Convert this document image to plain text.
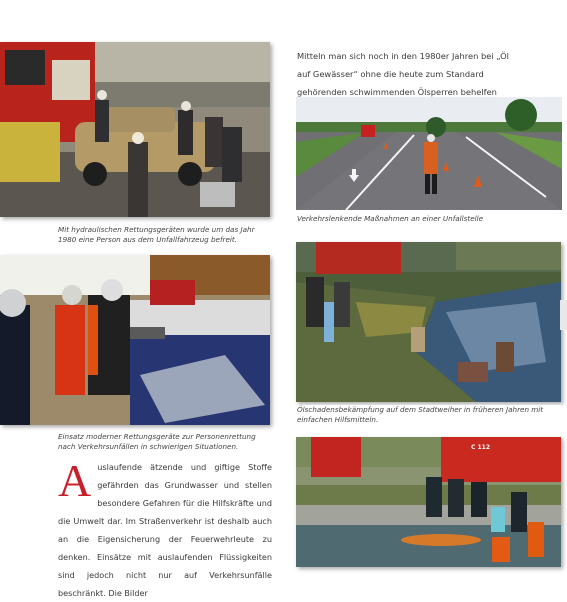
Mit hydraulischen Rettungsgeräten wurde um das Jahr 1980 eine Person aus dem Unfallfahrzeug befreit.
Mitteln man sich noch in den 1980er Jahren bei „Öl auf Gewässer“ ohne die heute zum Standard gehörenden schwimmenden Ölsperren behelfen
Verkehrslenkende Maßnahmen an einer Unfallstelle
Einsatz moderner Rettungsgeräte zur Personenrettung nach Verkehrsunfällen in schwierigen Situationen.
Ölschadensbekämpfung auf dem Stadtweiher in früheren Jahren mit einfachen Hilfsmitteln.
C 112
A uslaufende ätzende und giftige Stoffe gefährden das Grundwasser und stellen besondere Gefahren für die Hilfskräfte und die Umwelt dar. Im Straßenverkehr ist deshalb auch an die Eigensicherung der Feuerwehrleute zu denken. Einsätze mit auslaufenden Flüssigkeiten sind jedoch nicht nur auf Verkehrsunfälle beschränkt. Die Bilder
